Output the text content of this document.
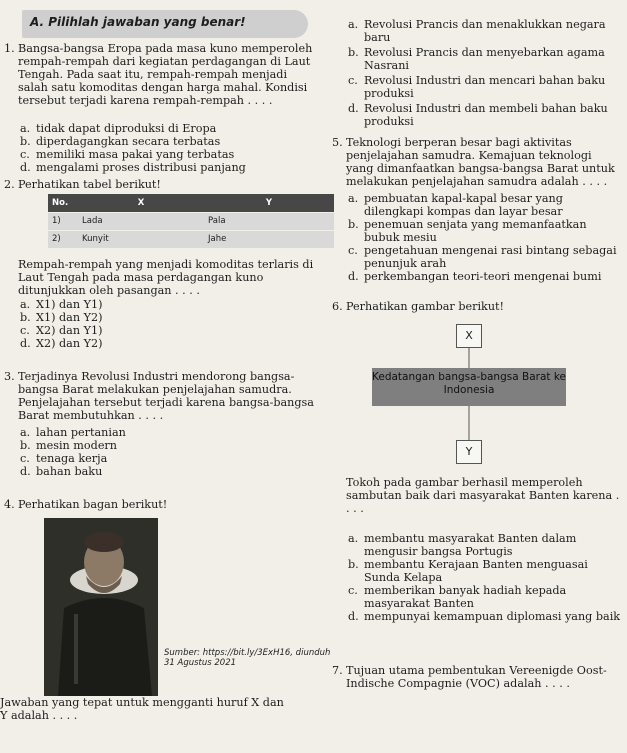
A. Pilihlah jawaban yang benar!
1. Bangsa-bangsa Eropa pada masa kuno memperoleh rempah-rempah dari kegiatan perdagangan di Laut Tengah. Pada saat itu, rempah-rempah menjadi salah satu komoditas dengan harga mahal. Kondisi tersebut terjadi karena rempah-rempah . . . .
a. tidak dapat diproduksi di Eropa
b. diperdagangkan secara terbatas
c. memiliki masa pakai yang terbatas
d. mengalami proses distribusi panjang
2. Perhatikan tabel berikut!
No.	X	Y
1)	Lada	Pala
2)	Kunyit	Jahe
Rempah-rempah yang menjadi komoditas terlaris di Laut Tengah pada masa perdagangan kuno ditunjukkan oleh pasangan . . . .
a. X1) dan Y1)
b. X1) dan Y2)
c. X2) dan Y1)
d. X2) dan Y2)
3. Terjadinya Revolusi Industri mendorong bangsa-bangsa Barat melakukan penjelajahan samudra. Penjelajahan tersebut terjadi karena bangsa-bangsa Barat membutuhkan . . . .
a. lahan pertanian
b. mesin modern
c. tenaga kerja
d. bahan baku
4. Perhatikan bagan berikut!
Sumber: https://bit.ly/3ExH16, diunduh 31 Agustus 2021
Jawaban yang tepat untuk mengganti huruf X dan Y adalah . . . .
a. Revolusi Prancis dan menaklukkan negara baru
b. Revolusi Prancis dan menyebarkan agama Nasrani
c. Revolusi Industri dan mencari bahan baku produksi
d. Revolusi Industri dan membeli bahan baku produksi
5. Teknologi berperan besar bagi aktivitas penjelajahan samudra. Kemajuan teknologi yang dimanfaatkan bangsa-bangsa Barat untuk melakukan penjelajahan samudra adalah . . . .
a. pembuatan kapal-kapal besar yang dilengkapi kompas dan layar besar
b. penemuan senjata yang memanfaatkan bubuk mesiu
c. pengetahuan mengenai rasi bintang sebagai penunjuk arah
d. perkembangan teori-teori mengenai bumi
6. Perhatikan gambar berikut!
X
Kedatangan bangsa-bangsa Barat ke Indonesia
Y
Tokoh pada gambar berhasil memperoleh sambutan baik dari masyarakat Banten karena . . . .
a. membantu masyarakat Banten dalam mengusir bangsa Portugis
b. membantu Kerajaan Banten menguasai Sunda Kelapa
c. memberikan banyak hadiah kepada masyarakat Banten
d. mempunyai kemampuan diplomasi yang baik
7. Tujuan utama pembentukan Vereenigde Oost-Indische Compagnie (VOC) adalah . . . .
